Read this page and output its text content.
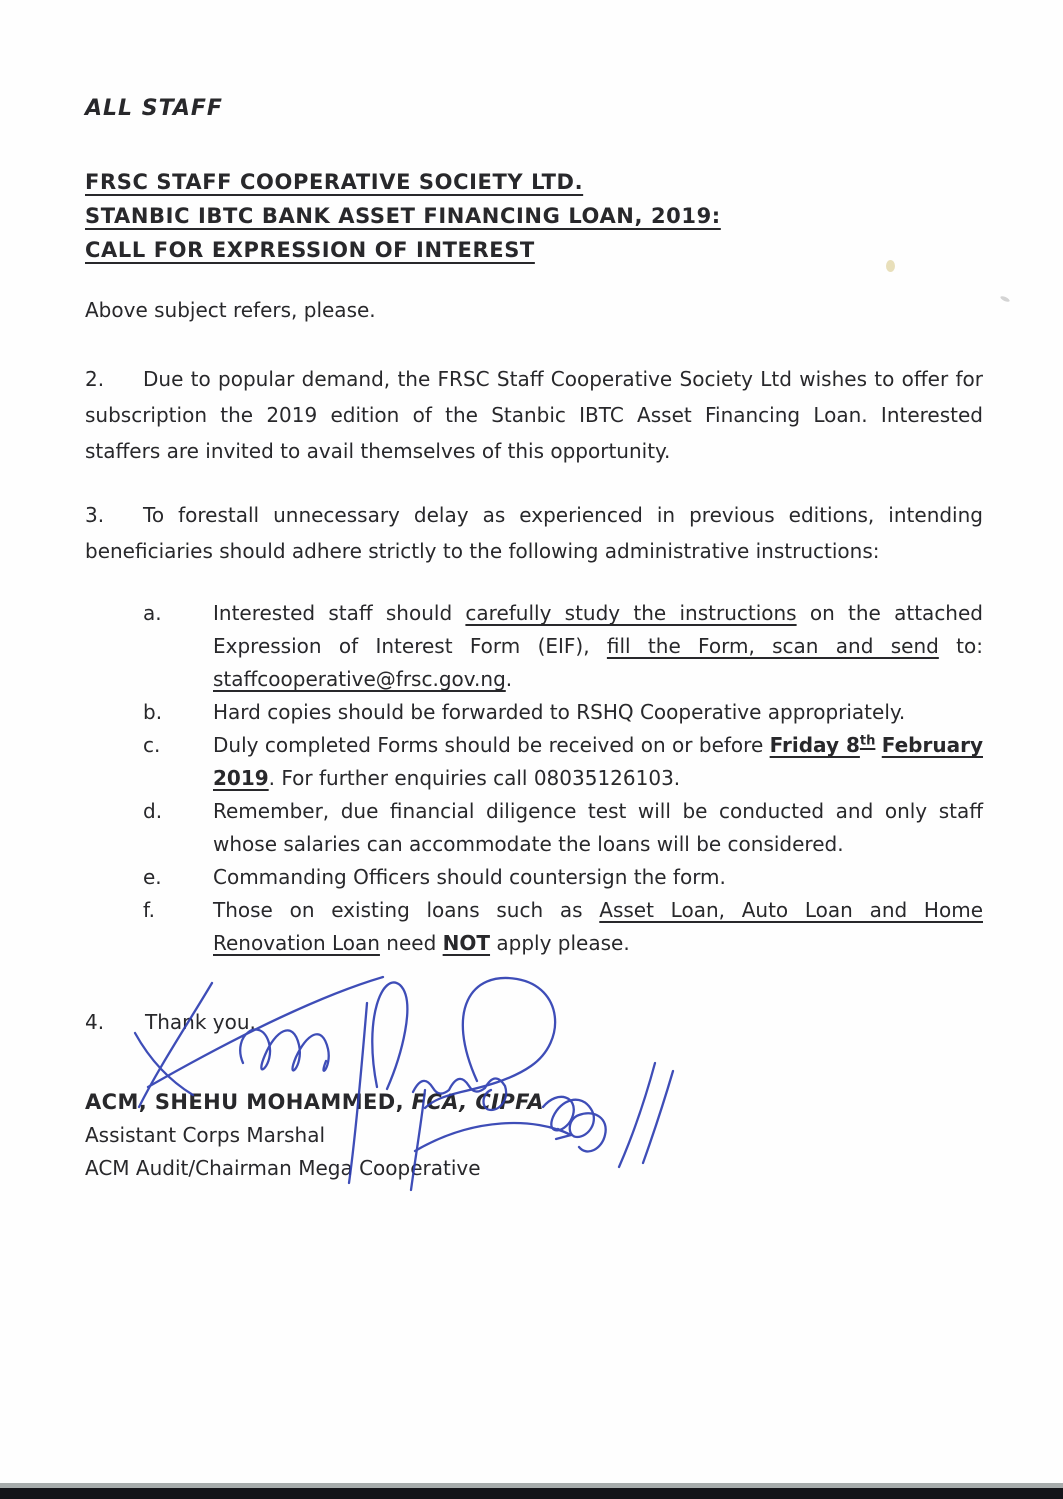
ALL STAFF
FRSC STAFF COOPERATIVE SOCIETY LTD.
STANBIC IBTC BANK ASSET FINANCING LOAN, 2019:
CALL FOR EXPRESSION OF INTEREST
Above subject refers, please.
2. Due to popular demand, the FRSC Staff Cooperative Society Ltd wishes to offer for subscription the 2019 edition of the Stanbic IBTC Asset Financing Loan. Interested staffers are invited to avail themselves of this opportunity.
3. To forestall unnecessary delay as experienced in previous editions, intending beneficiaries should adhere strictly to the following administrative instructions:
a.	Interested staff should carefully study the instructions on the attached Expression of Interest Form (EIF), fill the Form, scan and send to: staffcooperative@frsc.gov.ng.
b.	Hard copies should be forwarded to RSHQ Cooperative appropriately.
c.	Duly completed Forms should be received on or before Friday 8th February 2019. For further enquiries call 08035126103.
d.	Remember, due financial diligence test will be conducted and only staff whose salaries can accommodate the loans will be considered.
e.	Commanding Officers should countersign the form.
f.	Those on existing loans such as Asset Loan, Auto Loan and Home Renovation Loan need NOT apply please.
4. Thank you.
ACM, SHEHU MOHAMMED, FCA, CIPFA
Assistant Corps Marshal
ACM Audit/Chairman Mega Cooperative
